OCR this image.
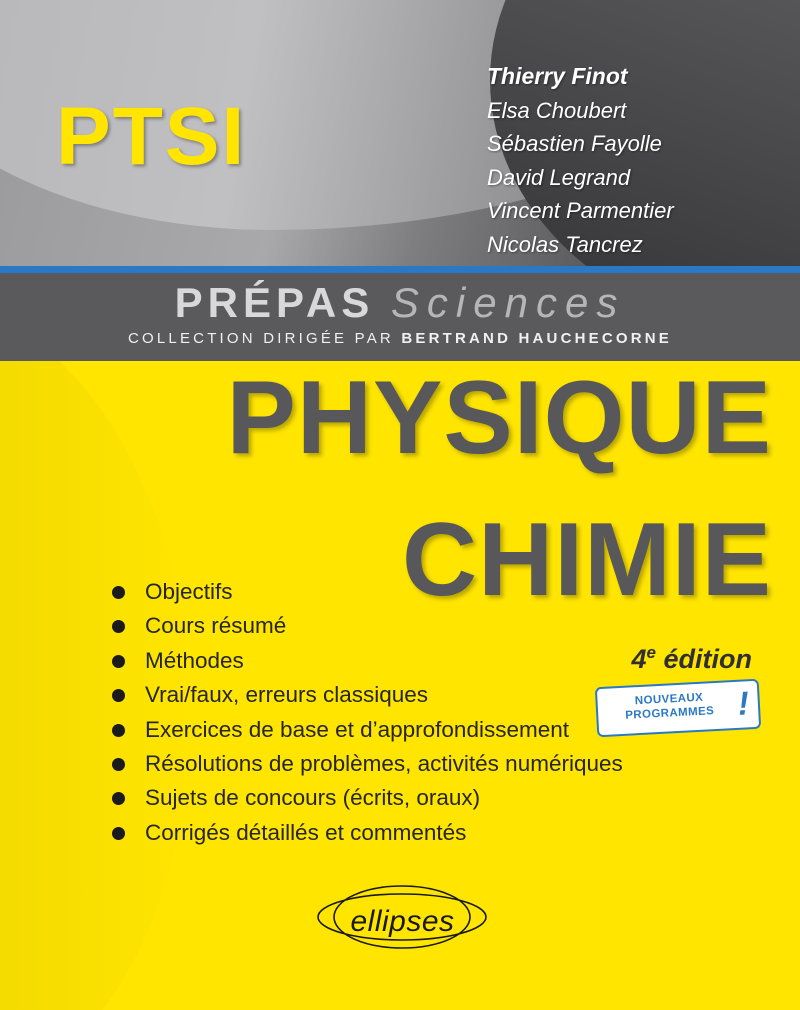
PTSI
Thierry Finot
Elsa Choubert
Sébastien Fayolle
David Legrand
Vincent Parmentier
Nicolas Tancrez
PRÉPAS Sciences
COLLECTION DIRIGÉE PAR BERTRAND HAUCHECORNE
PHYSIQUE
CHIMIE
4e édition
NOUVEAUX
PROGRAMMES !
Objectifs
Cours résumé
Méthodes
Vrai/faux, erreurs classiques
Exercices de base et d’approfondissement
Résolutions de problèmes, activités numériques
Sujets de concours (écrits, oraux)
Corrigés détaillés et commentés
ellipses
